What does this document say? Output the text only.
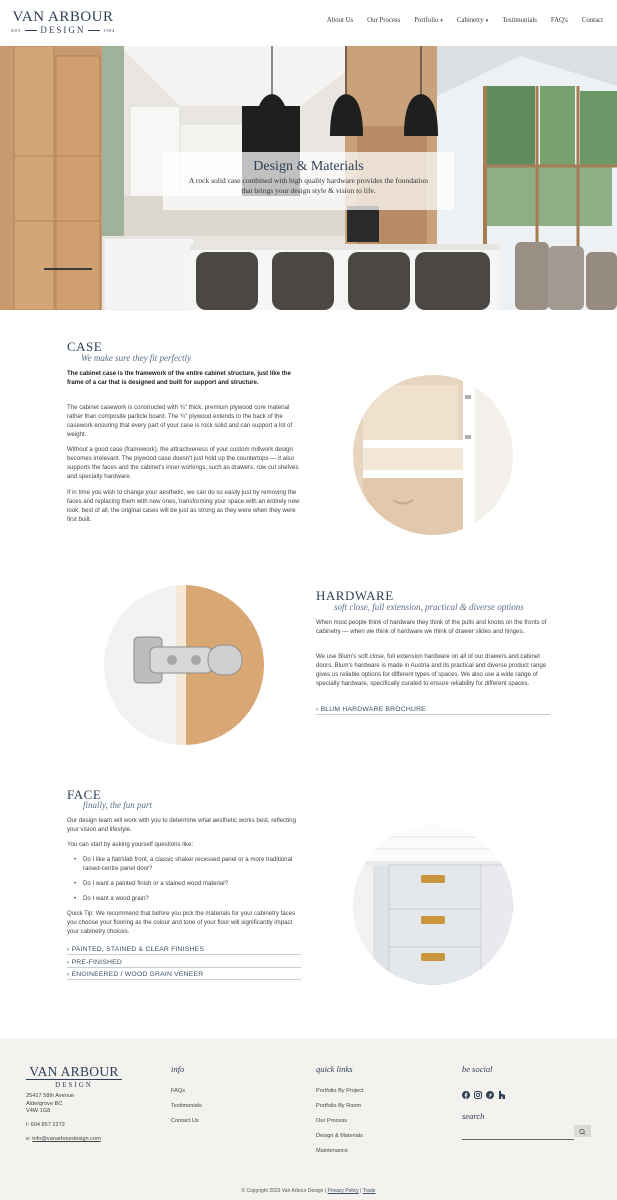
VAN ARBOUR
EST. DESIGN	1984
About Us Our Process Portfolio ▾ Cabinetry ▾ Testimonials FAQ's Contact
Design & Materials
A rock solid case combined with high quality hardware provides the foundation that brings your design style & vision to life.
CASE
We make sure they fit perfectly
The cabinet case is the framework of the entire cabinet structure, just like the frame of a car that is designed and built for support and structure.
The cabinet casework is constructed with ¾" thick, premium plywood core material rather than composite particle board. The ¾" plywood extends to the back of the casework ensuring that every part of your case is rock solid and can support a lot of weight.
Without a good case (framework), the attractiveness of your custom millwork design becomes irrelevant. The plywood case doesn't just hold up the countertops — it also supports the faces and the cabinet's inner workings, such as drawers, row cut shelves and specialty hardware.
If in time you wish to change your aesthetic, we can do so easily just by removing the faces and replacing them with new ones, transforming your space with an entirely new look; best of all, the original cases will be just as strong as they were when they were first built.
HARDWARE
soft close, full extension, practical & diverse options
When most people think of hardware they think of the pulls and knobs on the fronts of cabinetry — when we think of hardware we think of drawer slides and hinges.
We use Blum's soft close, full extension hardware on all of our drawers and cabinet doors. Blum's hardware is made in Austria and its practical and diverse product range gives us reliable options for different types of spaces. We also use a wide range of specialty hardware, specifically curated to ensure reliability for different spaces.
› BLUM HARDWARE BROCHURE
FACE
finally, the fun part
Our design team will work with you to determine what aesthetic works best, reflecting your vision and lifestyle.
You can start by asking yourself questions like:
• Do I like a flat/slab front, a classic shaker recessed panel or a more traditional raised-centre panel door?
• Do I want a painted finish or a stained wood material?
• Do I want a wood grain?
Quick Tip: We recommend that before you pick the materials for your cabinetry faces you choose your flooring as the colour and tone of your floor will significantly impact your cabinetry choices.
› PAINTED, STAINED & CLEAR FINISHES
› PRE-FINISHED
› ENGINEERED / WOOD GRAIN VENEER
VAN ARBOUR
DESIGN
25417 58th Avenue
Aldergrove BC
V4W 1G8
t: 604 857 2272
e: info@vanarbourdesign.com
info
FAQs
Testimonials
Contact Us
quick links
Portfolio By Project
Portfolio By Room
Our Process
Design & Materials
Maintenance
be social
search
© Copyright 2023 Van Arbour Design | Privacy Policy | Trade
